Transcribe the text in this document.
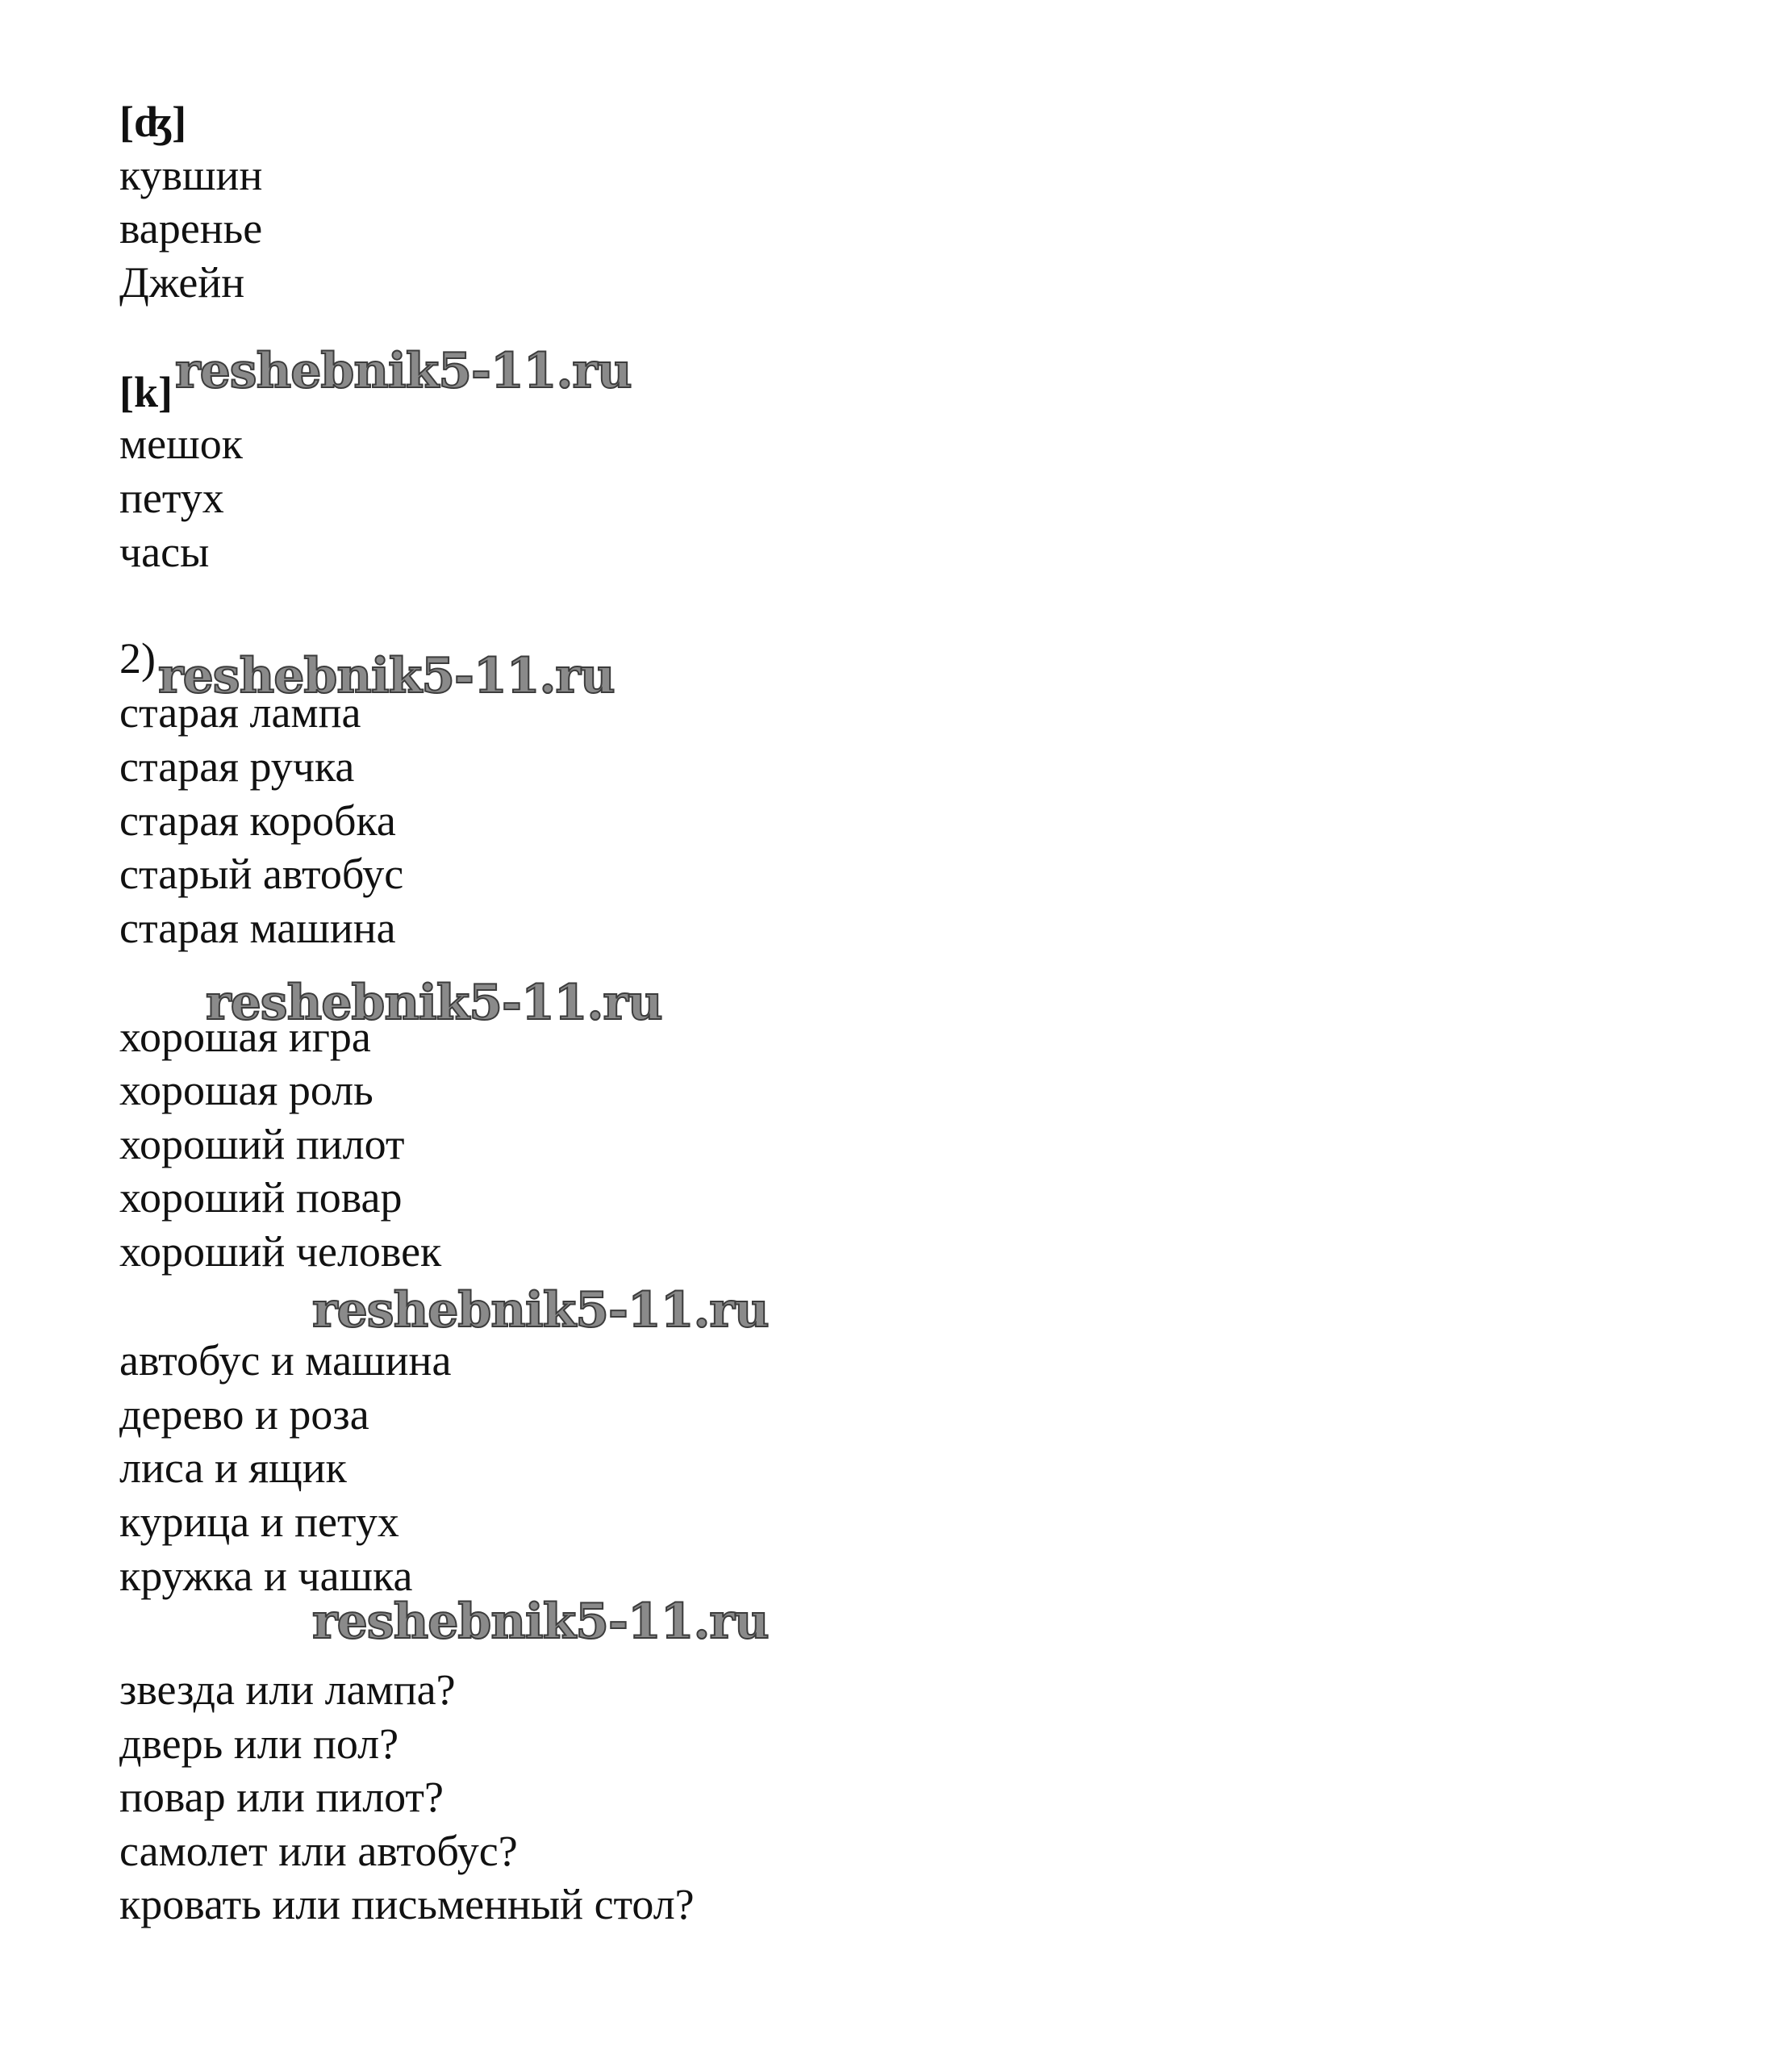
[ʤ]
кувшин
варенье
Джейн
[k] reshebnik5-11.ru
мешок
петух
часы
2) reshebnik5-11.ru
старая лампа
старая ручка
старая коробка
старый автобус
старая машина
reshebnik5-11.ru
хорошая игра
хорошая роль
хороший пилот
хороший повар
хороший человек
reshebnik5-11.ru
автобус и машина
дерево и роза
лиса и ящик
курица и петух
кружка и чашка
reshebnik5-11.ru
звезда или лампа?
дверь или пол?
повар или пилот?
самолет или автобус?
кровать или письменный стол?
